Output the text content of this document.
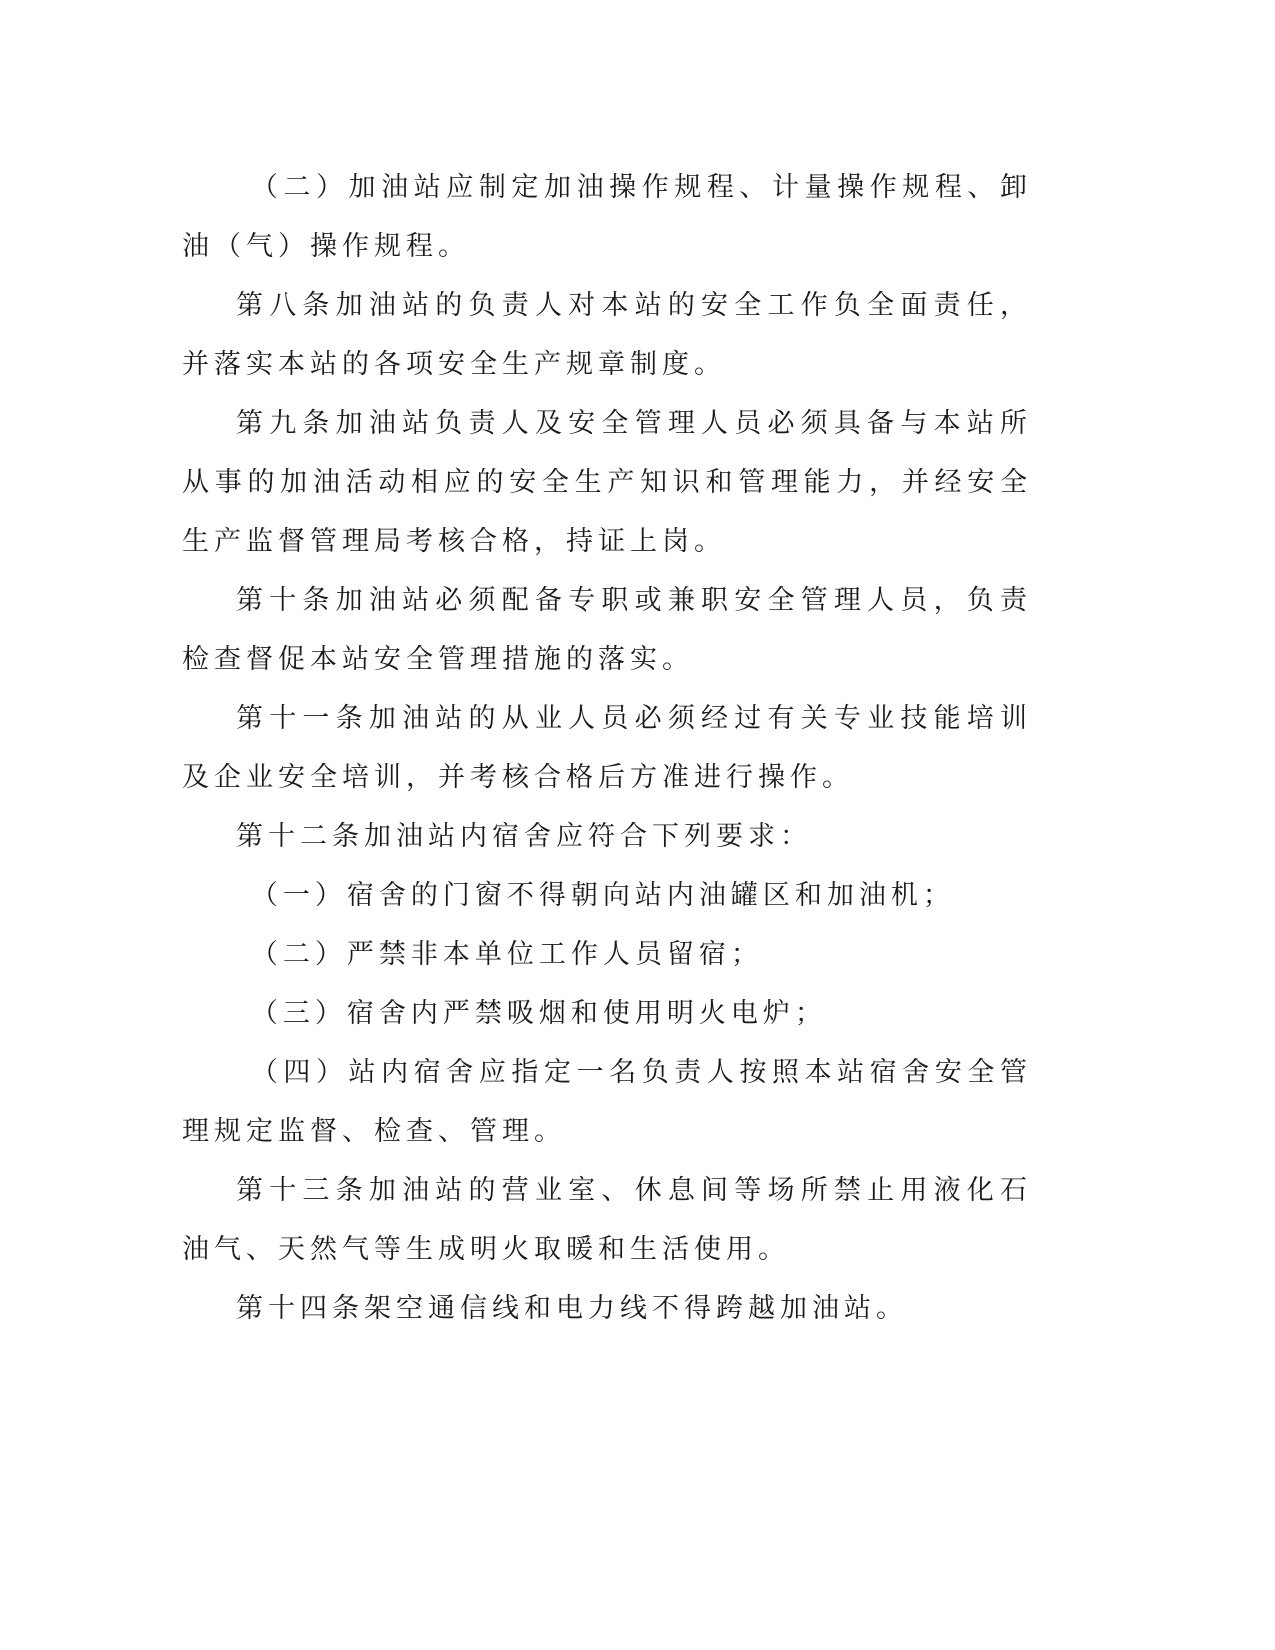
（二）加油站应制定加油操作规程、计量操作规程、卸油（气）操作规程。

第八条加油站的负责人对本站的安全工作负全面责任，并落实本站的各项安全生产规章制度。

第九条加油站负责人及安全管理人员必须具备与本站所从事的加油活动相应的安全生产知识和管理能力，并经安全生产监督管理局考核合格，持证上岗。

第十条加油站必须配备专职或兼职安全管理人员，负责检查督促本站安全管理措施的落实。

第十一条加油站的从业人员必须经过有关专业技能培训及企业安全培训，并考核合格后方准进行操作。

第十二条加油站内宿舍应符合下列要求：

（一）宿舍的门窗不得朝向站内油罐区和加油机；

（二）严禁非本单位工作人员留宿；

（三）宿舍内严禁吸烟和使用明火电炉；

（四）站内宿舍应指定一名负责人按照本站宿舍安全管理规定监督、检查、管理。

第十三条加油站的营业室、休息间等场所禁止用液化石油气、天然气等生成明火取暖和生活使用。

第十四条架空通信线和电力线不得跨越加油站。
